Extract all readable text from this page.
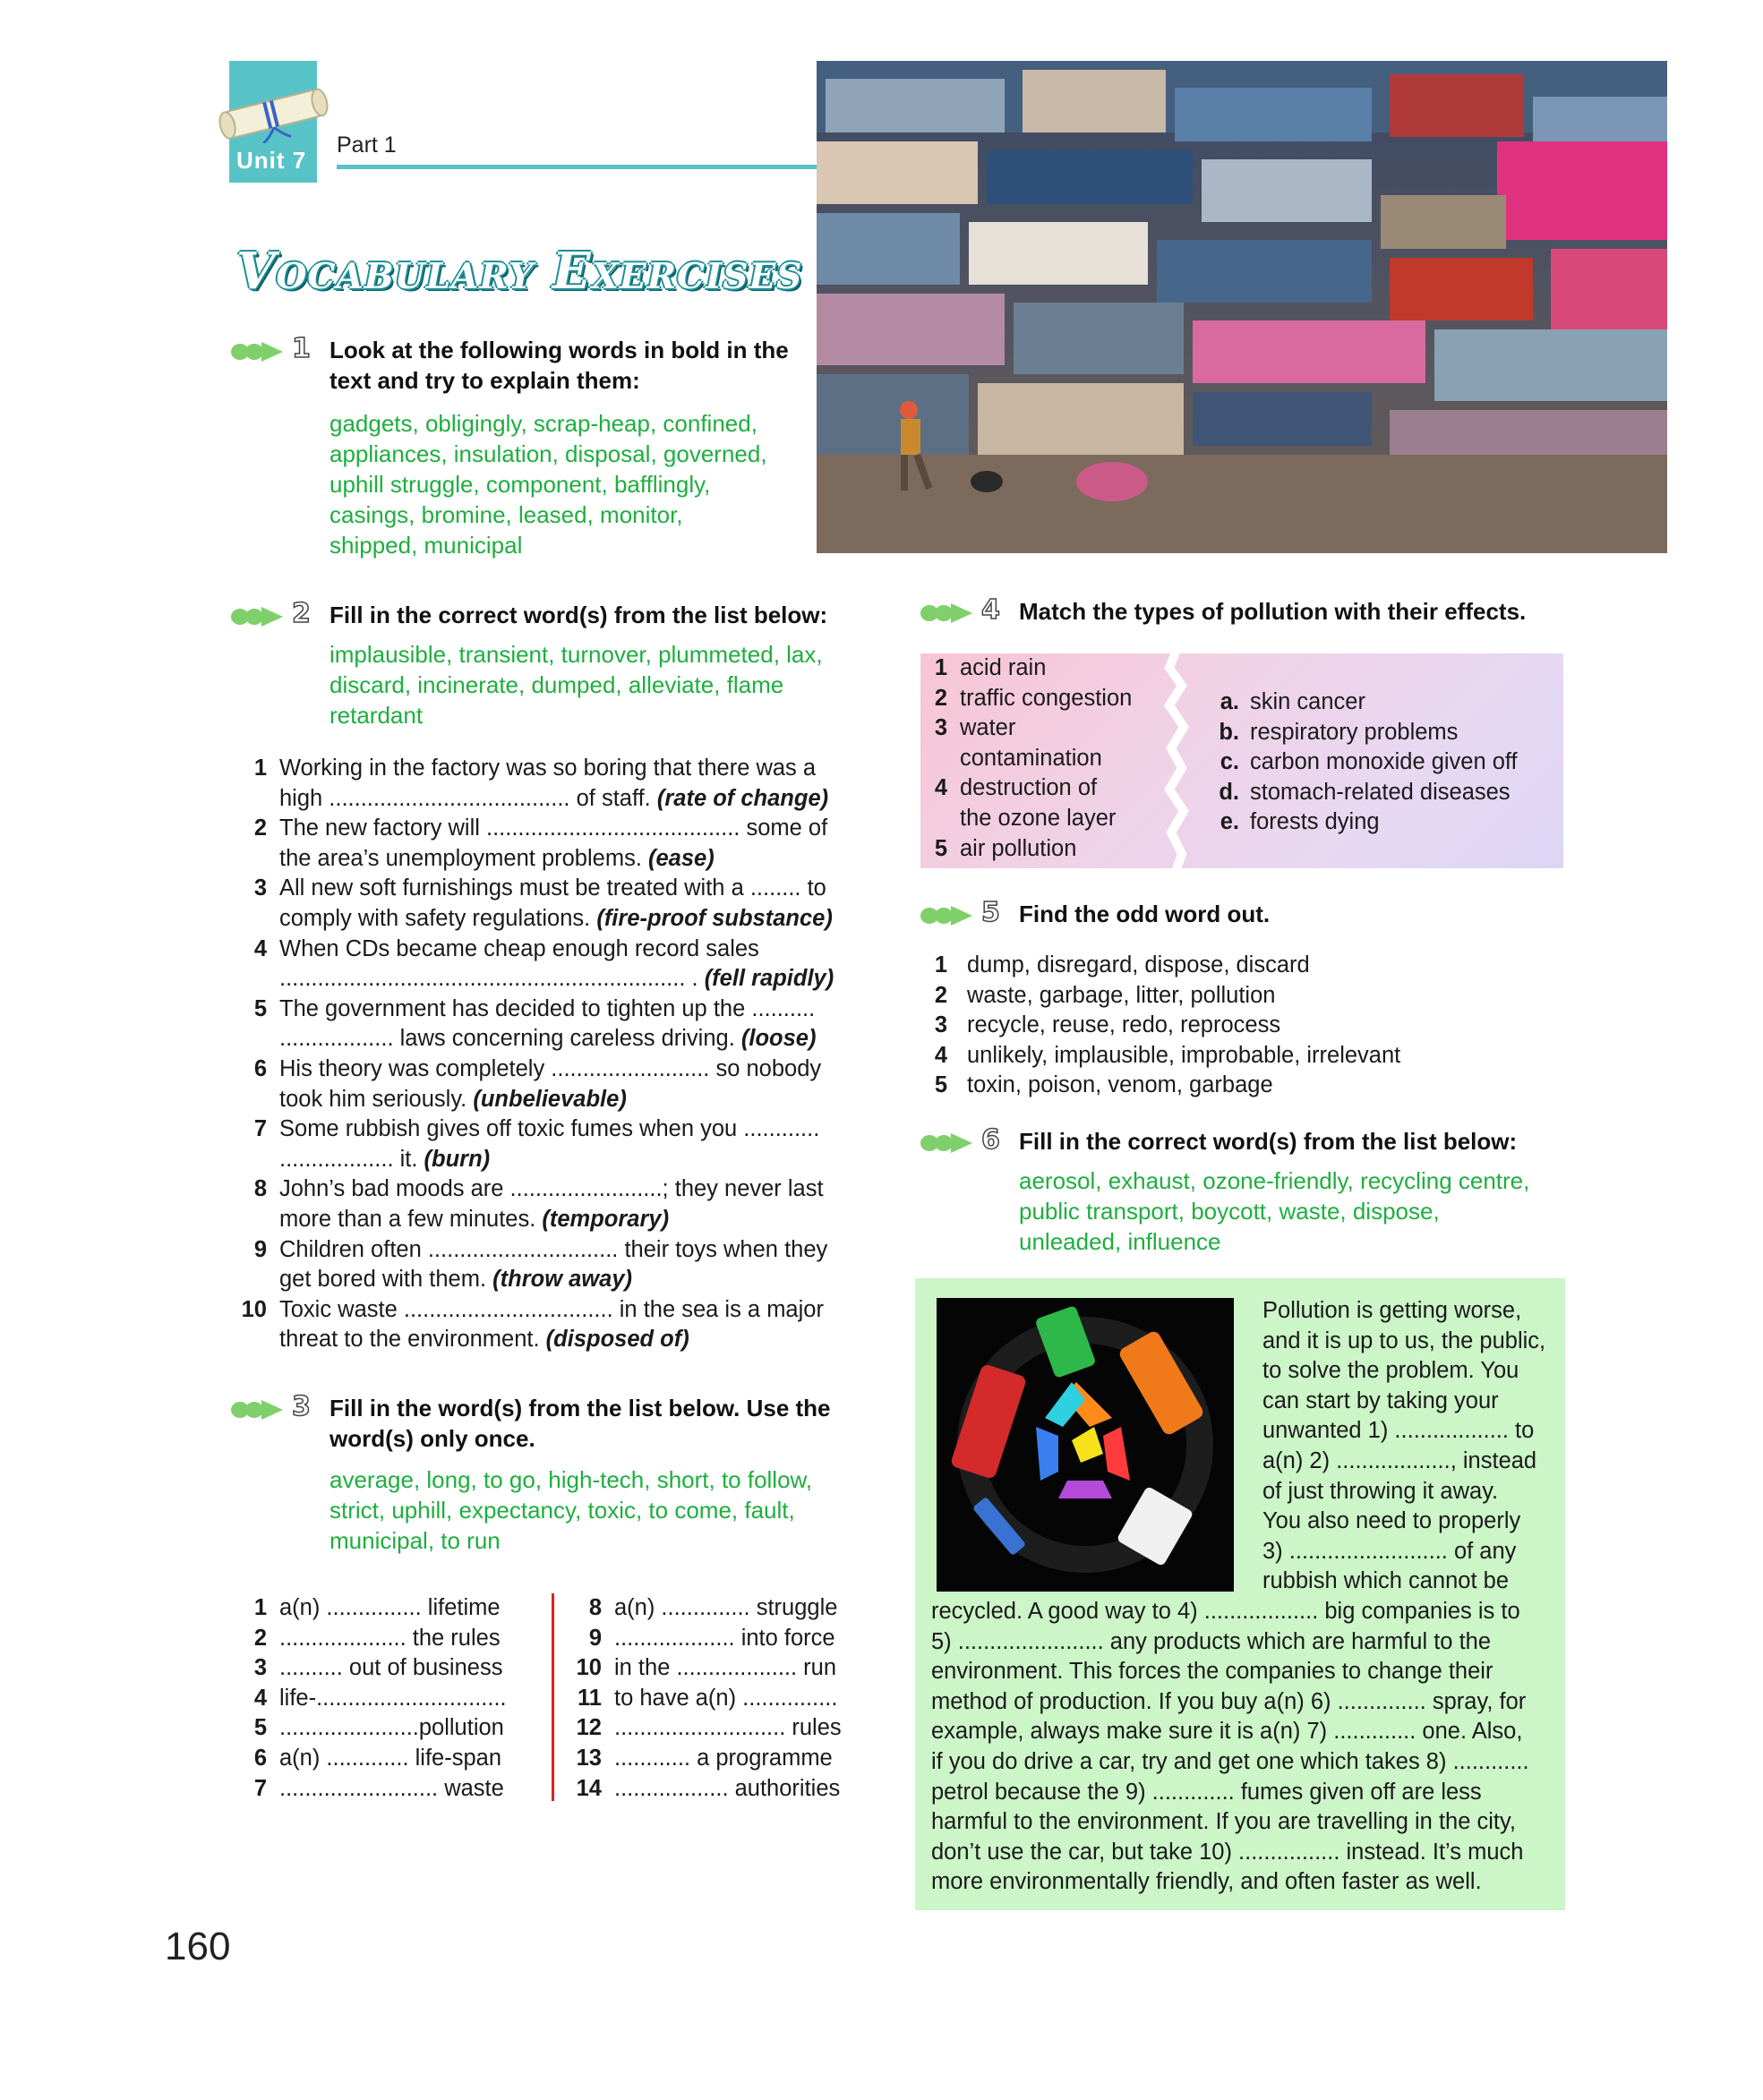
Unit 7
Part 1
Vocabulary Exercises
1 Look at the following words in bold in the
text and try to explain them:
gadgets, obligingly, scrap-heap, confined,
appliances, insulation, disposal, governed,
uphill struggle, component, bafflingly,
casings, bromine, leased, monitor,
shipped, municipal
2 Fill in the correct word(s) from the list below:
implausible, transient, turnover, plummeted, lax,
discard, incinerate, dumped, alleviate, flame
retardant
1 Working in the factory was so boring that there was a
high ...................................... of staff. (rate of change)
2 The new factory will ........................................ some of
the area’s unemployment problems. (ease)
3 All new soft furnishings must be treated with a ........ to
comply with safety regulations. (fire-proof substance)
4 When CDs became cheap enough record sales
................................................................ . (fell rapidly)
5 The government has decided to tighten up the ..........
.................. laws concerning careless driving. (loose)
6 His theory was completely ......................... so nobody
took him seriously. (unbelievable)
7 Some rubbish gives off toxic fumes when you ............
.................. it. (burn)
8 John’s bad moods are ........................; they never last
more than a few minutes. (temporary)
9 Children often .............................. their toys when they
get bored with them. (throw away)
10 Toxic waste ................................. in the sea is a major
threat to the environment. (disposed of)
3 Fill in the word(s) from the list below. Use the
word(s) only once.
average, long, to go, high-tech, short, to follow,
strict, uphill, expectancy, toxic, to come, fault,
municipal, to run
1 a(n) ............... lifetime
2 .................... the rules
3 .......... out of business
4 life-..............................
5 ......................pollution
6 a(n) ............. life-span
7 ......................... waste
8 a(n) .............. struggle
9 ................... into force
10 in the ................... run
11 to have a(n) ...............
12 ........................... rules
13 ............ a programme
14 .................. authorities
4 Match the types of pollution with their effects.
1 acid rain
2 traffic congestion
3 water
contamination
4 destruction of
the ozone layer
5 air pollution
a. skin cancer
b. respiratory problems
c. carbon monoxide given off
d. stomach-related diseases
e. forests dying
5 Find the odd word out.
1 dump, disregard, dispose, discard
2 waste, garbage, litter, pollution
3 recycle, reuse, redo, reprocess
4 unlikely, implausible, improbable, irrelevant
5 toxin, poison, venom, garbage
6 Fill in the correct word(s) from the list below:
aerosol, exhaust, ozone-friendly, recycling centre,
public transport, boycott, waste, dispose,
unleaded, influence
Pollution is getting worse,
and it is up to us, the public,
to solve the problem. You
can start by taking your
unwanted 1) .................. to
a(n) 2) .................., instead
of just throwing it away.
You also need to properly
3) ......................... of any
rubbish which cannot be
recycled. A good way to 4) .................. big companies is to
5) ....................... any products which are harmful to the
environment. This forces the companies to change their
method of production. If you buy a(n) 6) .............. spray, for
example, always make sure it is a(n) 7) ............. one. Also,
if you do drive a car, try and get one which takes 8) ............
petrol because the 9) ............. fumes given off are less
harmful to the environment. If you are travelling in the city,
don’t use the car, but take 10) ................ instead. It’s much
more environmentally friendly, and often faster as well.
160
